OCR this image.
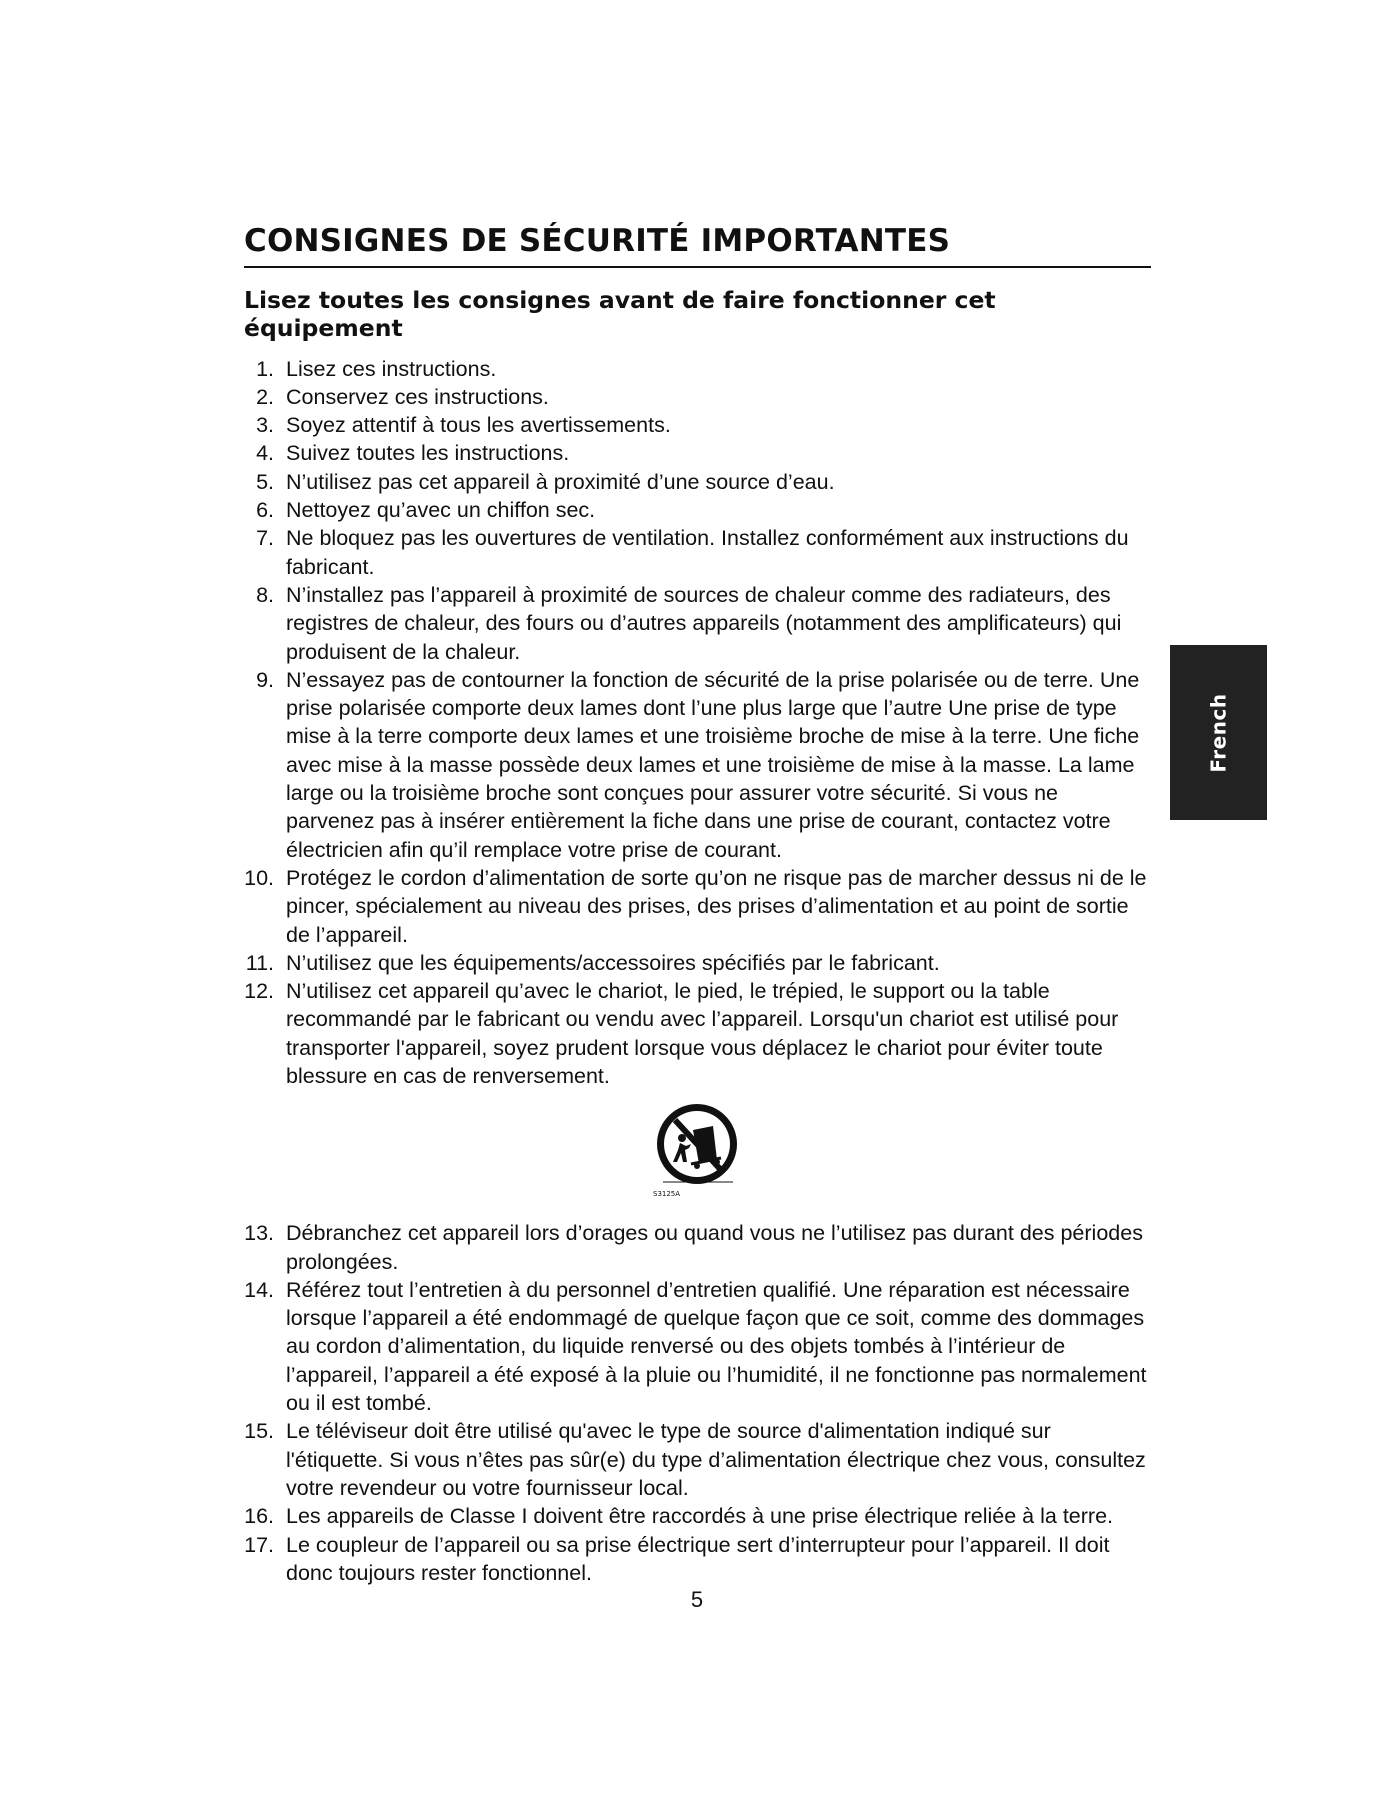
CONSIGNES DE SÉCURITÉ IMPORTANTES
Lisez toutes les consignes avant de faire fonctionner cet équipement
1. Lisez ces instructions.
2. Conservez ces instructions.
3. Soyez attentif à tous les avertissements.
4. Suivez toutes les instructions.
5. N’utilisez pas cet appareil à proximité d’une source d’eau.
6. Nettoyez qu’avec un chiffon sec.
7. Ne bloquez pas les ouvertures de ventilation. Installez conformément aux instructions du fabricant.
8. N’installez pas l’appareil à proximité de sources de chaleur comme des radiateurs, des registres de chaleur, des fours ou d’autres appareils (notamment des amplificateurs) qui produisent de la chaleur.
9. N’essayez pas de contourner la fonction de sécurité de la prise polarisée ou de terre. Une prise polarisée comporte deux lames dont l’une plus large que l’autre Une prise de type mise à la terre comporte deux lames et une troisième broche de mise à la terre. Une fiche avec mise à la masse possède deux lames et une troisième de mise à la masse. La lame large ou la troisième broche sont conçues pour assurer votre sécurité. Si vous ne parvenez pas à insérer entièrement la fiche dans une prise de courant, contactez votre électricien afin qu’il remplace votre prise de courant.
10. Protégez le cordon d’alimentation de sorte qu’on ne risque pas de marcher dessus ni de le pincer, spécialement au niveau des prises, des prises d’alimentation et au point de sortie de l’appareil.
11. N’utilisez que les équipements/accessoires spécifiés par le fabricant.
12. N’utilisez cet appareil qu’avec le chariot, le pied, le trépied, le support ou la table recommandé par le fabricant ou vendu avec l’appareil. Lorsqu'un chariot est utilisé pour transporter l'appareil, soyez prudent lorsque vous déplacez le chariot pour éviter toute blessure en cas de renversement.
S3125A
13. Débranchez cet appareil lors d’orages ou quand vous ne l’utilisez pas durant des périodes prolongées.
14. Référez tout l’entretien à du personnel d’entretien qualifié. Une réparation est nécessaire lorsque l’appareil a été endommagé de quelque façon que ce soit, comme des dommages au cordon d’alimentation, du liquide renversé ou des objets tombés à l’intérieur de l’appareil, l’appareil a été exposé à la pluie ou l’humidité, il ne fonctionne pas normalement ou il est tombé.
15. Le téléviseur doit être utilisé qu'avec le type de source d'alimentation indiqué sur l'étiquette. Si vous n’êtes pas sûr(e) du type d’alimentation électrique chez vous, consultez votre revendeur ou votre fournisseur local.
16. Les appareils de Classe I doivent être raccordés à une prise électrique reliée à la terre.
17. Le coupleur de l’appareil ou sa prise électrique sert d’interrupteur pour l’appareil. Il doit donc toujours rester fonctionnel.
French
5
